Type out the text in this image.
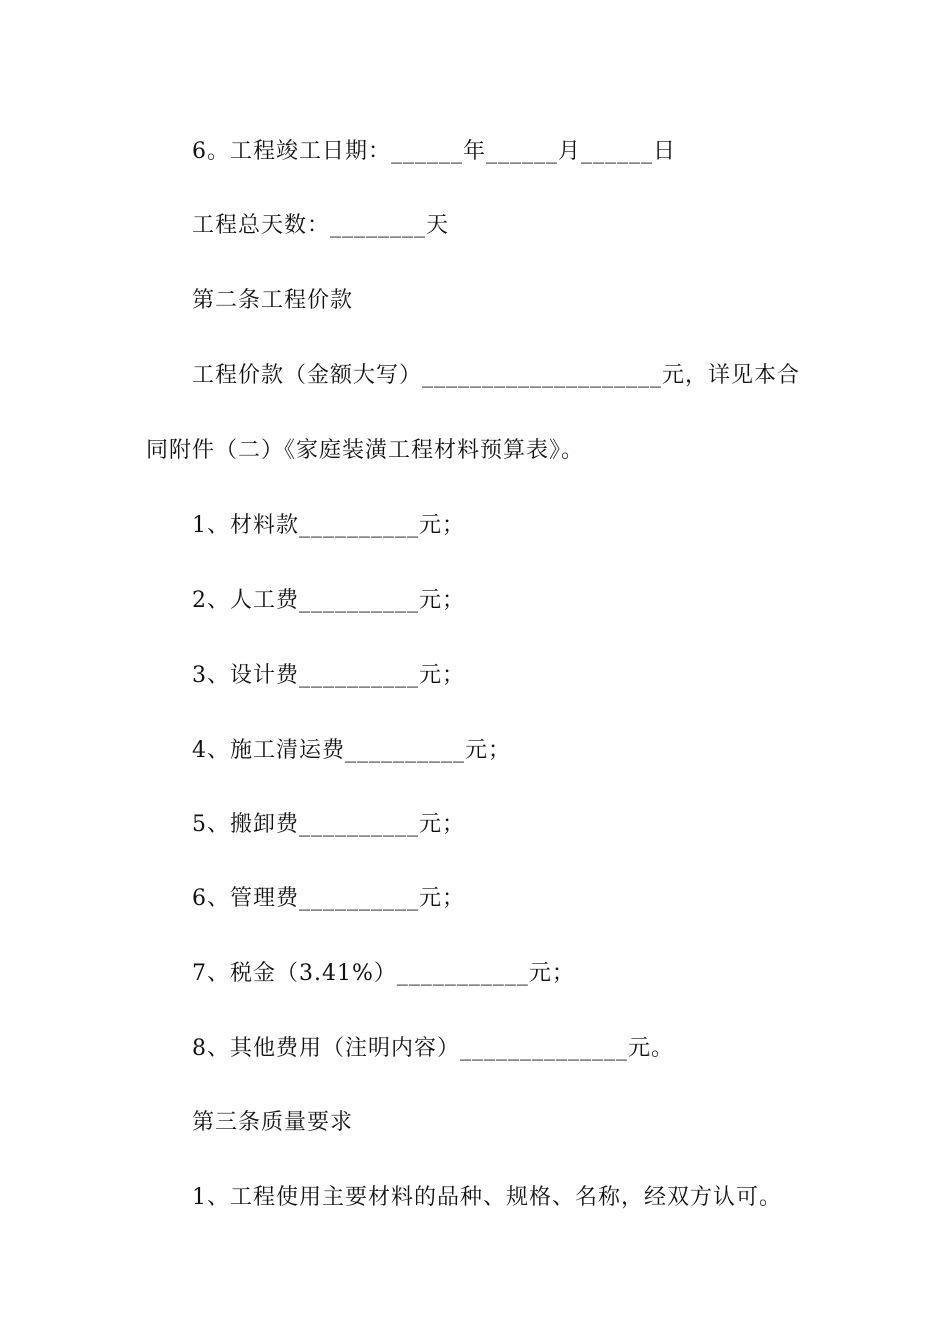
6。工程竣工日期：______年______月______日
工程总天数：________天
第二条工程价款
工程价款（金额大写）____________________元，详见本合
同附件（二）《家庭装潢工程材料预算表》。
1、材料款__________元；
2、人工费__________元；
3、设计费__________元；
4、施工清运费__________元；
5、搬卸费__________元；
6、管理费__________元；
7、税金（3.41%）___________元；
8、其他费用（注明内容）______________元。
第三条质量要求
1、工程使用主要材料的品种、规格、名称，经双方认可。
